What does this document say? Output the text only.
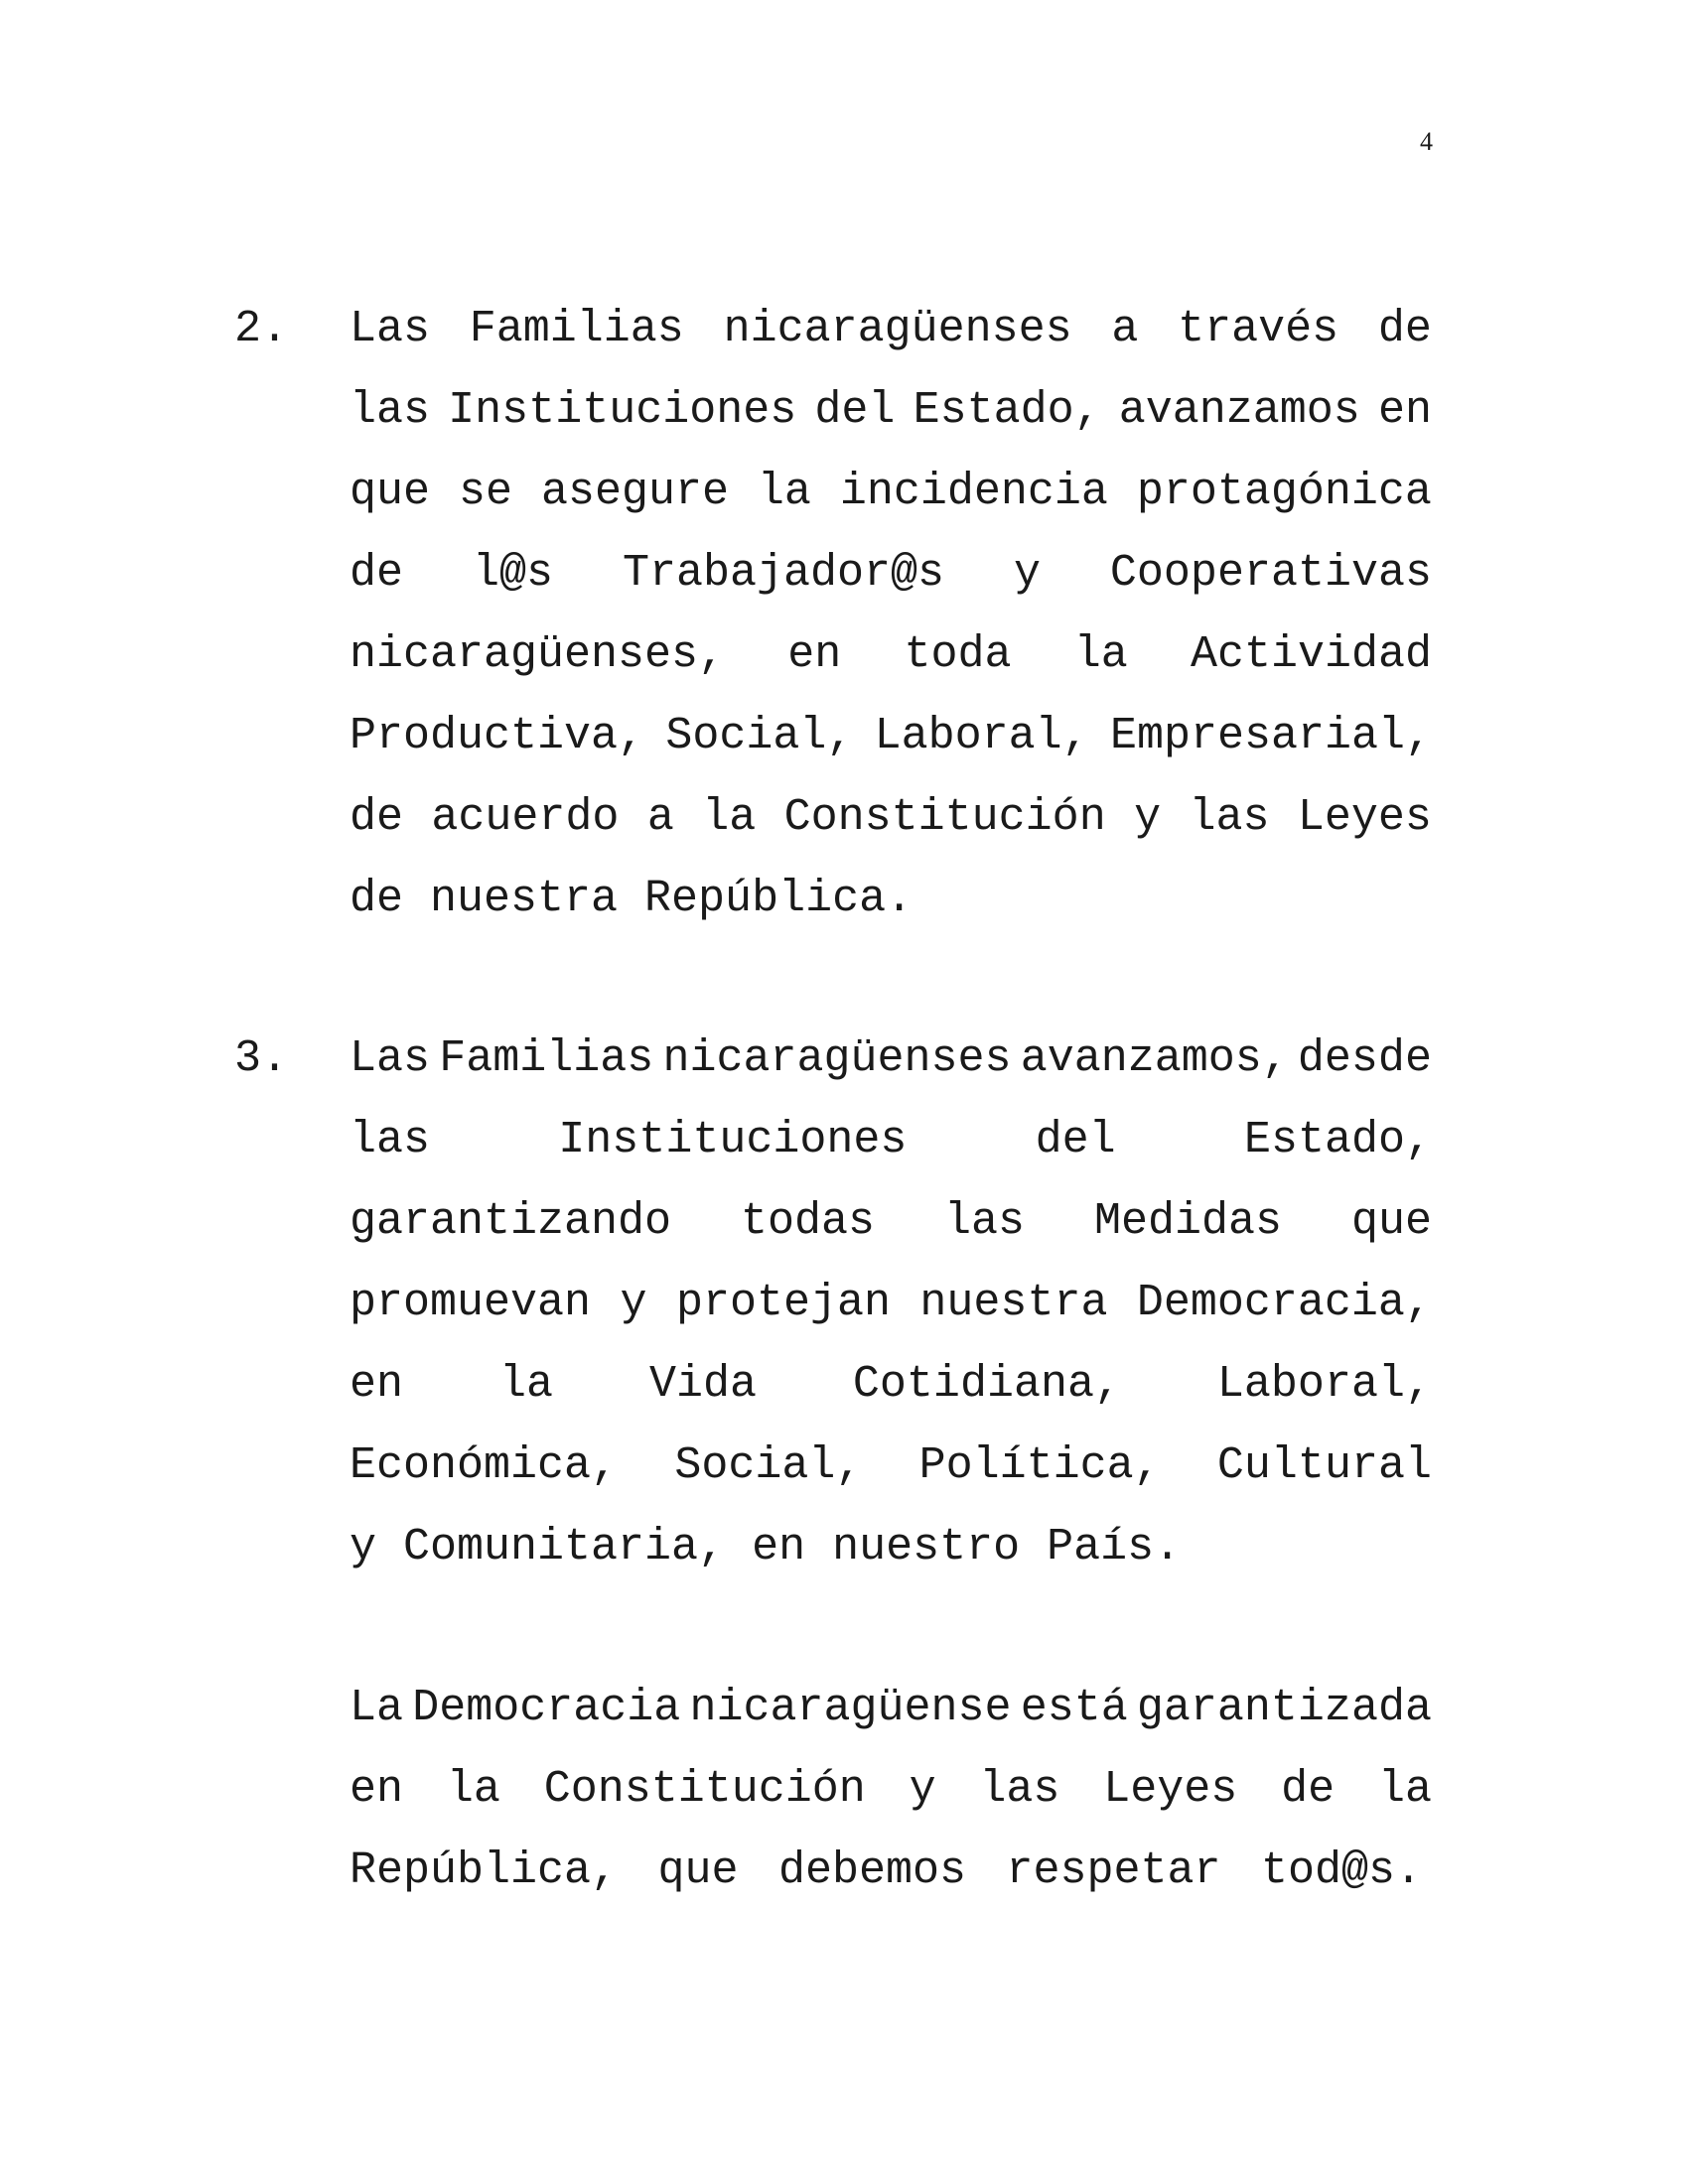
4
2. Las Familias nicaragüenses a través de
las Instituciones del Estado, avanzamos en
que se asegure la incidencia protagónica
de l@s Trabajador@s y Cooperativas
nicaragüenses, en toda la Actividad
Productiva, Social, Laboral, Empresarial,
de acuerdo a la Constitución y las Leyes
de nuestra República.
3. Las Familias nicaragüenses avanzamos, desde
las	Instituciones	del	Estado,
garantizando todas las Medidas que
promuevan y protejan nuestra Democracia,
en la Vida Cotidiana, Laboral,
Económica, Social, Política, Cultural
y Comunitaria, en nuestro País.
La Democracia nicaragüense está garantizada
en la Constitución y las Leyes de la
República, que debemos respetar tod@s.
